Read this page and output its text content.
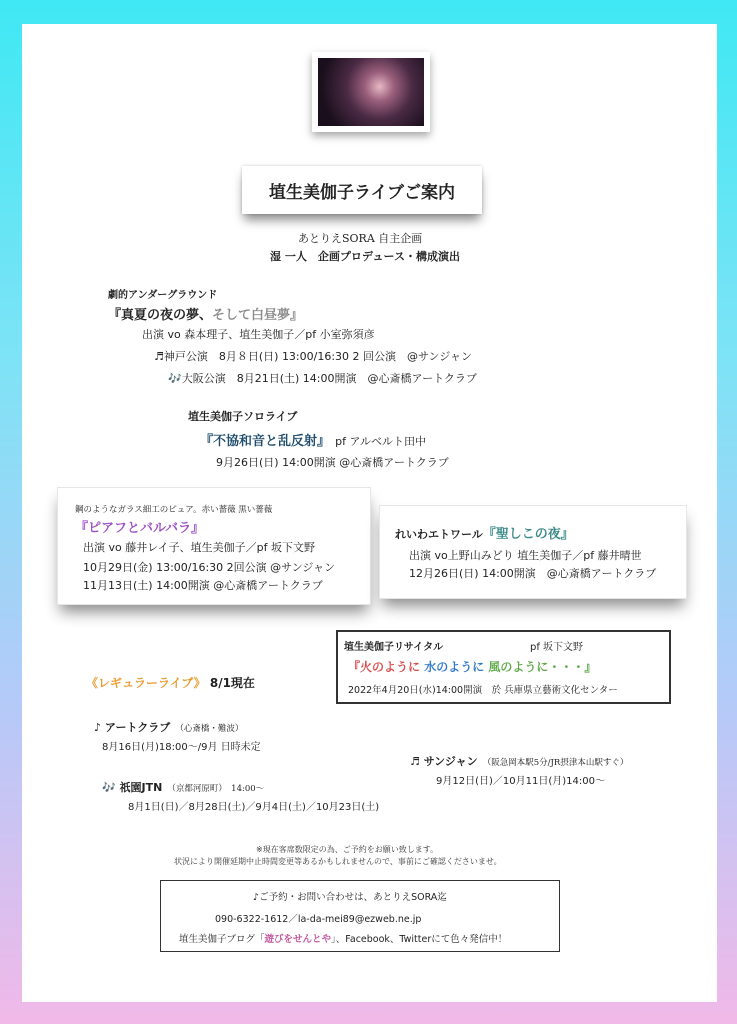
埴生美伽子ライブご案内
あとりえSORA 自主企画
湿 一人　企画プロデュース・構成演出
劇的アンダーグラウンド
『真夏の夜の夢、そして白昼夢』
出演 vo 森本理子、埴生美伽子／pf 小室弥須彦
♬神戸公演　8月８日(日) 13:00/16:30 2 回公演　@サンジャン
🎶大阪公演　8月21日(土) 14:00開演　@心斎橋アートクラブ
埴生美伽子ソロライブ
『不協和音と乱反射』 pf アルベルト田中
9月26日(日) 14:00開演 @心斎橋アートクラブ
鋼のようなガラス細工のピュア。赤い薔薇 黒い薔薇
『ピアフとバルバラ』
出演 vo 藤井レイ子、埴生美伽子／pf 坂下文野
10月29日(金) 13:00/16:30 2回公演 @サンジャン
11月13日(土) 14:00開演 @心斎橋アートクラブ
れいわエトワール『聖しこの夜』
出演 vo上野山みどり 埴生美伽子／pf 藤井晴世
12月26日(日) 14:00開演　@心斎橋アートクラブ
埴生美伽子リサイタル	pf 坂下文野
『火のように 水のように 風のように・・・』
2022年4月20日(水)14:00開演　於 兵庫県立藝術文化センター
《レギュラーライブ》 8/1現在
♪ アートクラブ （心斎橋・難波）
8月16日(月)18:00～/9月 日時未定
♬ サンジャン （阪急岡本駅5分/JR摂津本山駅すぐ）
9月12日(日)／10月11日(月)14:00～
🎶 祇園JTN （京都河原町）　14:00～
8月1日(日)／8月28日(土)／9月4日(土)／10月23日(土)
※現在客席数限定の為、ご予約をお願い致します。
状況により開催延期中止時間変更等あるかもしれませんので、事前にご確認くださいませ。
♪ご予約・お問い合わせは、あとりえSORA迄
090-6322-1612／la-da-mei89@ezweb.ne.jp
埴生美伽子ブログ「遊びをせんとや」、Facebook、Twitterにて色々発信中！
